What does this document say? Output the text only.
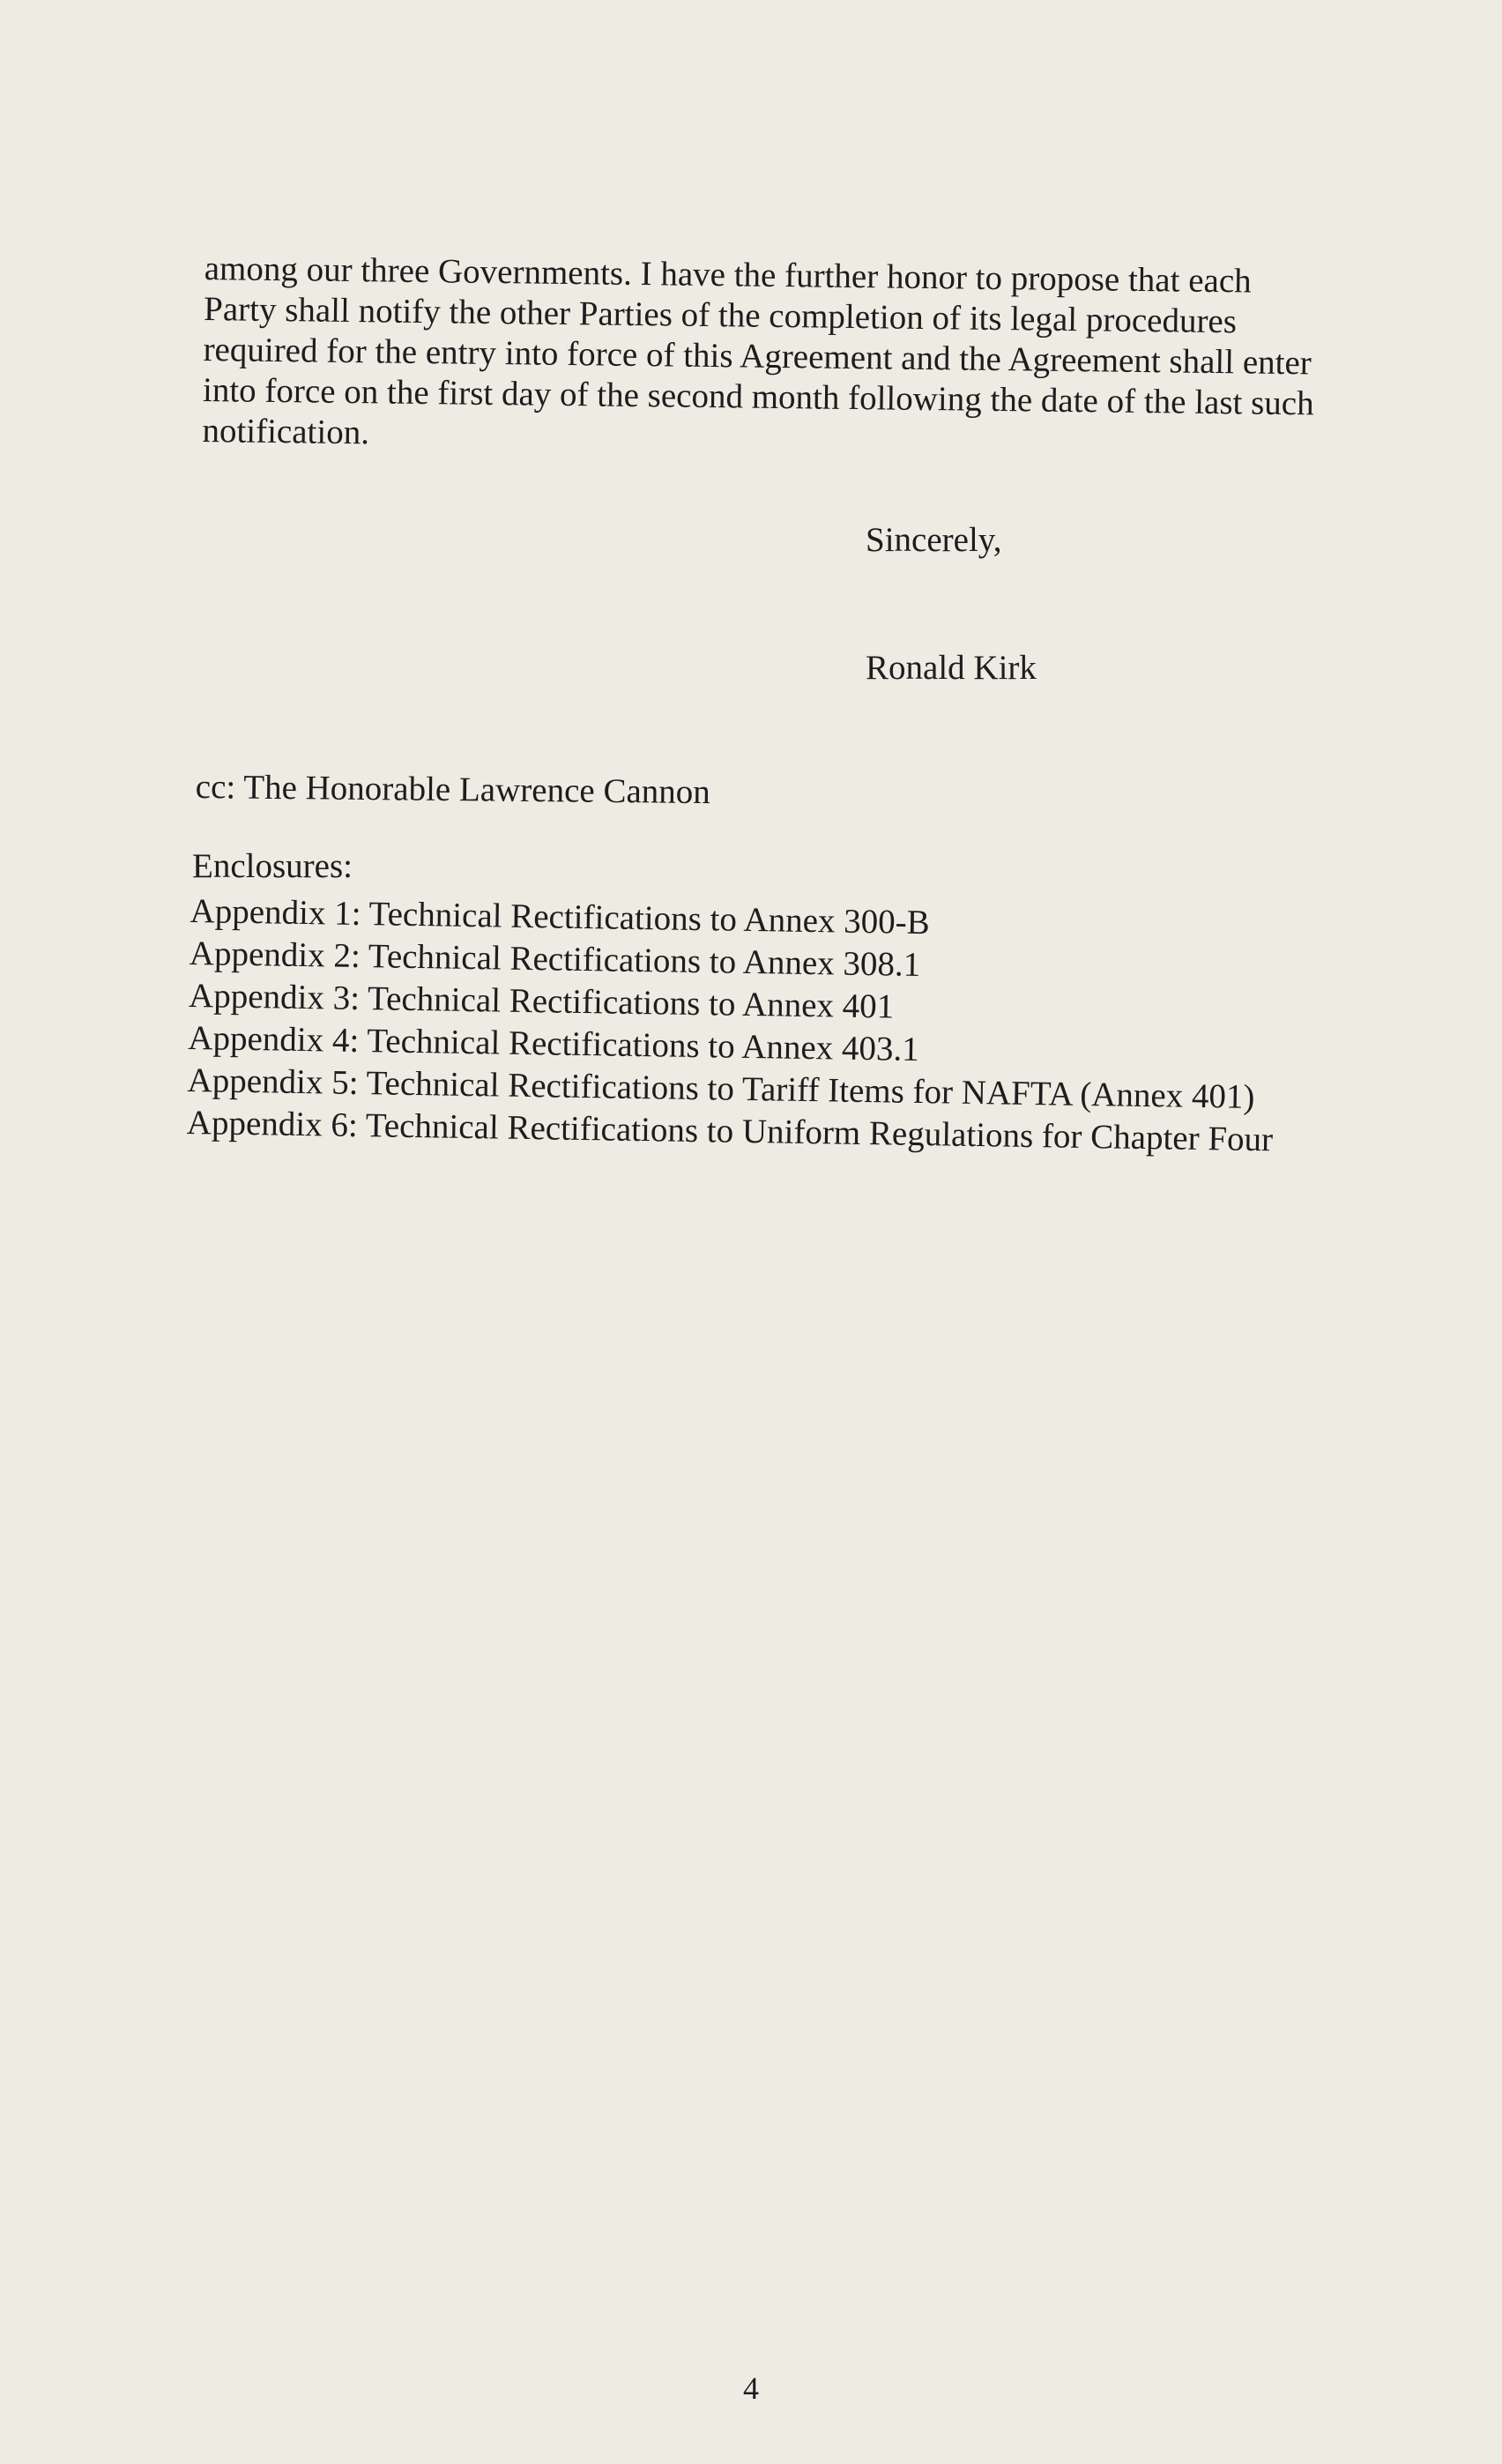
among our three Governments. I have the further honor to propose that each
Party shall notify the other Parties of the completion of its legal procedures
required for the entry into force of this Agreement and the Agreement shall enter
into force on the first day of the second month following the date of the last such
notification.
Sincerely,
Ronald Kirk
cc: The Honorable Lawrence Cannon
Enclosures:
Appendix 1: Technical Rectifications to Annex 300-B
Appendix 2: Technical Rectifications to Annex 308.1
Appendix 3: Technical Rectifications to Annex 401
Appendix 4: Technical Rectifications to Annex 403.1
Appendix 5: Technical Rectifications to Tariff Items for NAFTA (Annex 401)
Appendix 6: Technical Rectifications to Uniform Regulations for Chapter Four
4
